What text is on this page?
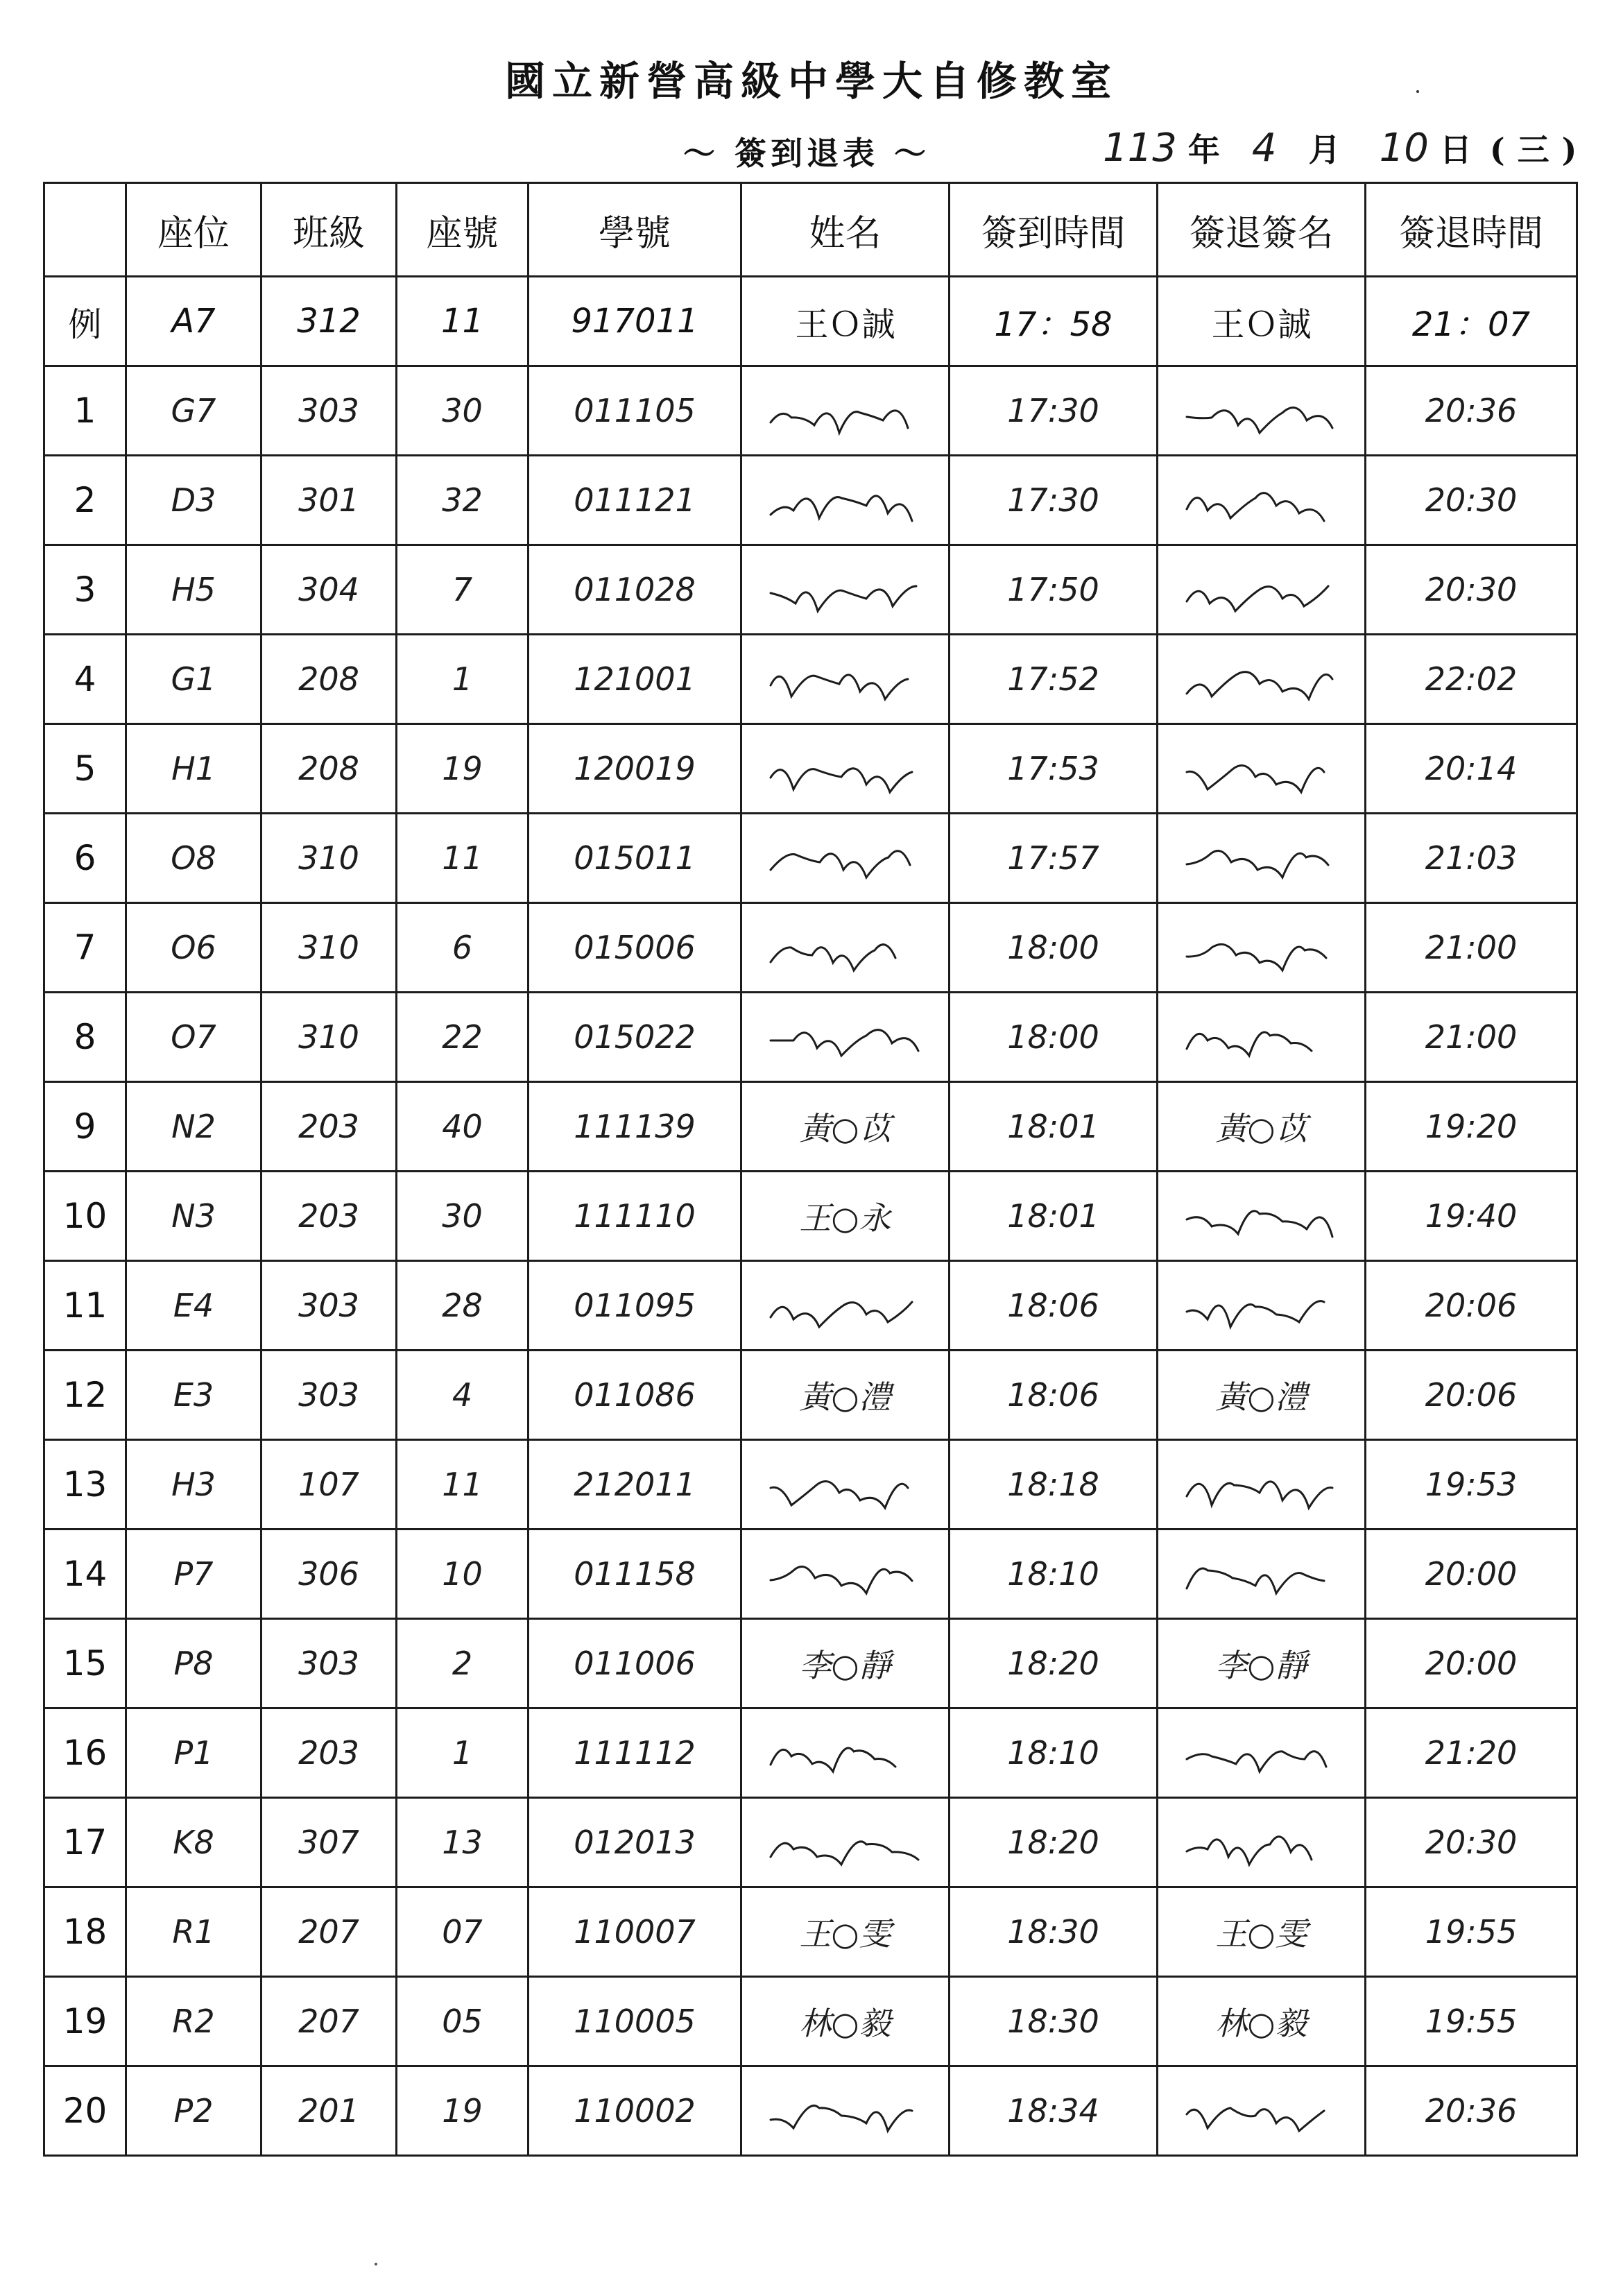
國立新營高級中學大自修教室
～ 簽到退表 ～	113 年 4 月 10 日 (三)
	座位	班級	座號	學號	姓名	簽到時間	簽退簽名	簽退時間
例	A7	312	11	917011	王Ｏ誠	17：58	王Ｏ誠	21：07
1	G7	303	30	011105		17:30		20:36
2	D3	301	32	011121		17:30		20:30
3	H5	304	7	011028		17:50		20:30
4	G1	208	1	121001		17:52		22:02
5	H1	208	19	120019		17:53		20:14
6	O8	310	11	015011		17:57		21:03
7	O6	310	6	015006		18:00		21:00
8	O7	310	22	015022		18:00		21:00
9	N2	203	40	111139	黃○苡	18:01	黃○苡	19:20
10	N3	203	30	111110	王○永	18:01		19:40
11	E4	303	28	011095		18:06		20:06
12	E3	303	4	011086	黃○澧	18:06	黃○澧	20:06
13	H3	107	11	212011		18:18		19:53
14	P7	306	10	011158		18:10		20:00
15	P8	303	2	011006	李○靜	18:20	李○靜	20:00
16	P1	203	1	111112		18:10		21:20
17	K8	307	13	012013		18:20		20:30
18	R1	207	07	110007	王○雯	18:30	王○雯	19:55
19	R2	207	05	110005	林○毅	18:30	林○毅	19:55
20	P2	201	19	110002		18:34		20:36
